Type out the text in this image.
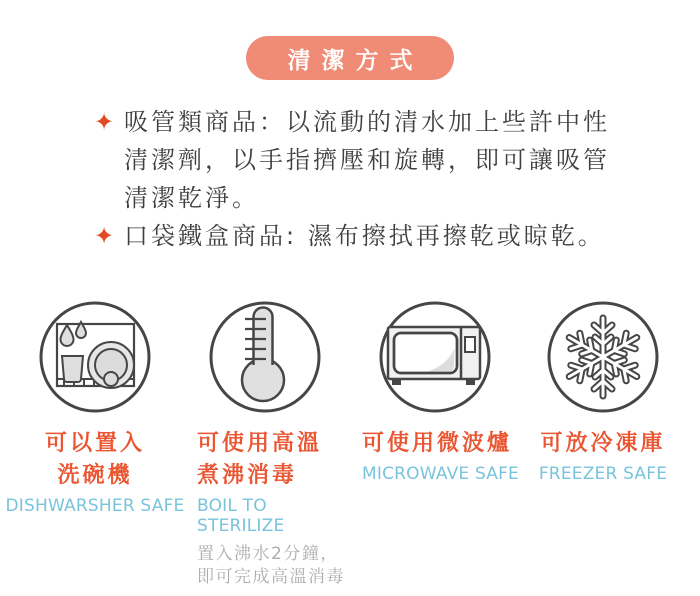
清潔方式
✦ 吸管類商品：以流動的清水加上些許中性
清潔劑，以手指擠壓和旋轉，即可讓吸管
清潔乾淨。
✦ 口袋鐵盒商品: 濕布擦拭再擦乾或晾乾。
可以置入
洗碗機
DISHWARSHER SAFE
可使用高溫
煮沸消毒
BOIL TO STERILIZE
置入沸水2分鐘，
即可完成高溫消毒
可使用微波爐
MICROWAVE SAFE
可放冷凍庫
FREEZER SAFE
